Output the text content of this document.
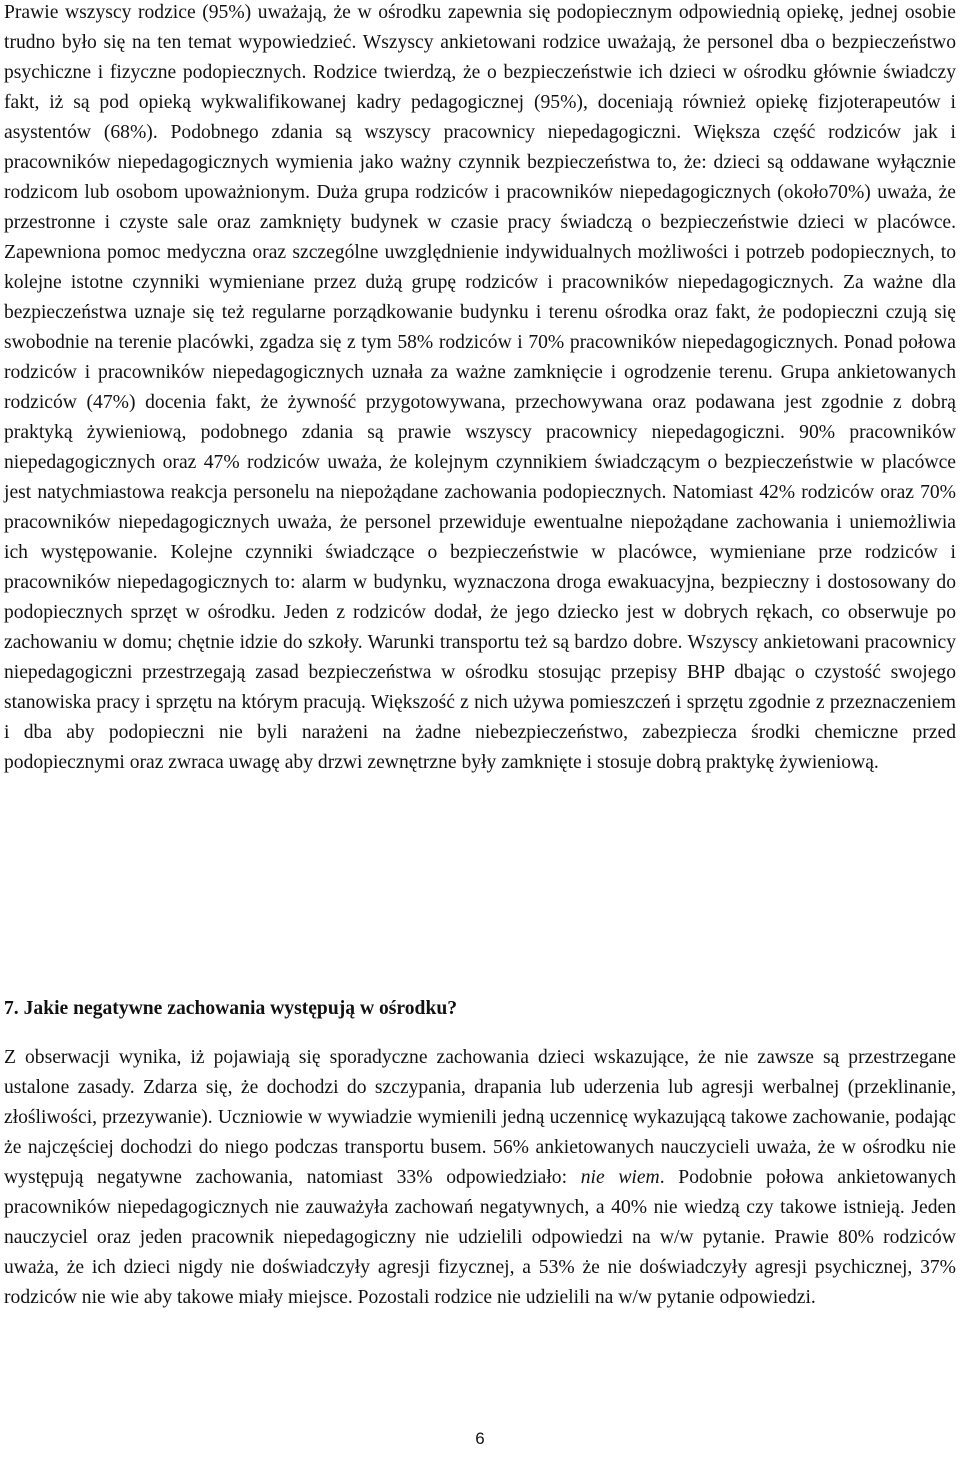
Prawie wszyscy rodzice (95%) uważają, że w ośrodku zapewnia się podopiecznym odpowiednią opiekę, jednej osobie trudno było się na ten temat wypowiedzieć. Wszyscy ankietowani rodzice uważają, że personel dba o bezpieczeństwo psychiczne i fizyczne podopiecznych. Rodzice twierdzą, że o bezpieczeństwie ich dzieci w ośrodku głównie świadczy fakt, iż są pod opieką wykwalifikowanej kadry pedagogicznej (95%), doceniają również opiekę fizjoterapeutów i asystentów (68%). Podobnego zdania są wszyscy pracownicy niepedagogiczni. Większa część rodziców jak i pracowników niepedagogicznych wymienia jako ważny czynnik bezpieczeństwa to, że: dzieci są oddawane wyłącznie rodzicom lub osobom upoważnionym. Duża grupa rodziców i pracowników niepedagogicznych (około70%) uważa, że przestronne i czyste sale oraz zamknięty budynek w czasie pracy świadczą o bezpieczeństwie dzieci w placówce. Zapewniona pomoc medyczna oraz szczególne uwzględnienie indywidualnych możliwości i potrzeb podopiecznych, to kolejne istotne czynniki wymieniane przez dużą grupę rodziców i pracowników niepedagogicznych. Za ważne dla bezpieczeństwa uznaje się też regularne porządkowanie budynku i terenu ośrodka oraz fakt, że podopieczni czują się swobodnie na terenie placówki, zgadza się z tym 58% rodziców i 70% pracowników niepedagogicznych. Ponad połowa rodziców i pracowników niepedagogicznych uznała za ważne zamknięcie i ogrodzenie terenu. Grupa ankietowanych rodziców (47%) docenia fakt, że żywność przygotowywana, przechowywana oraz podawana jest zgodnie z dobrą praktyką żywieniową, podobnego zdania są prawie wszyscy pracownicy niepedagogiczni. 90% pracowników niepedagogicznych oraz 47% rodziców uważa, że kolejnym czynnikiem świadczącym o bezpieczeństwie w placówce jest natychmiastowa reakcja personelu na niepożądane zachowania podopiecznych. Natomiast 42% rodziców oraz 70% pracowników niepedagogicznych uważa, że personel przewiduje ewentualne niepożądane zachowania i uniemożliwia ich występowanie. Kolejne czynniki świadczące o bezpieczeństwie w placówce, wymieniane prze rodziców i pracowników niepedagogicznych to: alarm w budynku, wyznaczona droga ewakuacyjna, bezpieczny i dostosowany do podopiecznych sprzęt w ośrodku. Jeden z rodziców dodał, że jego dziecko jest w dobrych rękach, co obserwuje po zachowaniu w domu; chętnie idzie do szkoły. Warunki transportu też są bardzo dobre. Wszyscy ankietowani pracownicy niepedagogiczni przestrzegają zasad bezpieczeństwa w ośrodku stosując przepisy BHP dbając o czystość swojego stanowiska pracy i sprzętu na którym pracują. Większość z nich używa pomieszczeń i sprzętu zgodnie z przeznaczeniem i dba aby podopieczni nie byli narażeni na żadne niebezpieczeństwo, zabezpiecza środki chemiczne przed podopiecznymi oraz zwraca uwagę aby drzwi zewnętrzne były zamknięte i stosuje dobrą praktykę żywieniową.

7. Jakie negatywne zachowania występują w ośrodku?

Z obserwacji wynika, iż pojawiają się sporadyczne zachowania dzieci wskazujące, że nie zawsze są przestrzegane ustalone zasady. Zdarza się, że dochodzi do szczypania, drapania lub uderzenia lub agresji werbalnej (przeklinanie, złośliwości, przezywanie). Uczniowie w wywiadzie wymienili jedną uczennicę wykazującą takowe zachowanie, podając że najczęściej dochodzi do niego podczas transportu busem. 56% ankietowanych nauczycieli uważa, że w ośrodku nie występują negatywne zachowania, natomiast 33% odpowiedziało: nie wiem. Podobnie połowa ankietowanych pracowników niepedagogicznych nie zauważyła zachowań negatywnych, a 40% nie wiedzą czy takowe istnieją. Jeden nauczyciel oraz jeden pracownik niepedagogiczny nie udzielili odpowiedzi na w/w pytanie. Prawie 80% rodziców uważa, że ich dzieci nigdy nie doświadczyły agresji fizycznej, a 53% że nie doświadczyły agresji psychicznej, 37% rodziców nie wie aby takowe miały miejsce. Pozostali rodzice nie udzielili na w/w pytanie odpowiedzi.

6
